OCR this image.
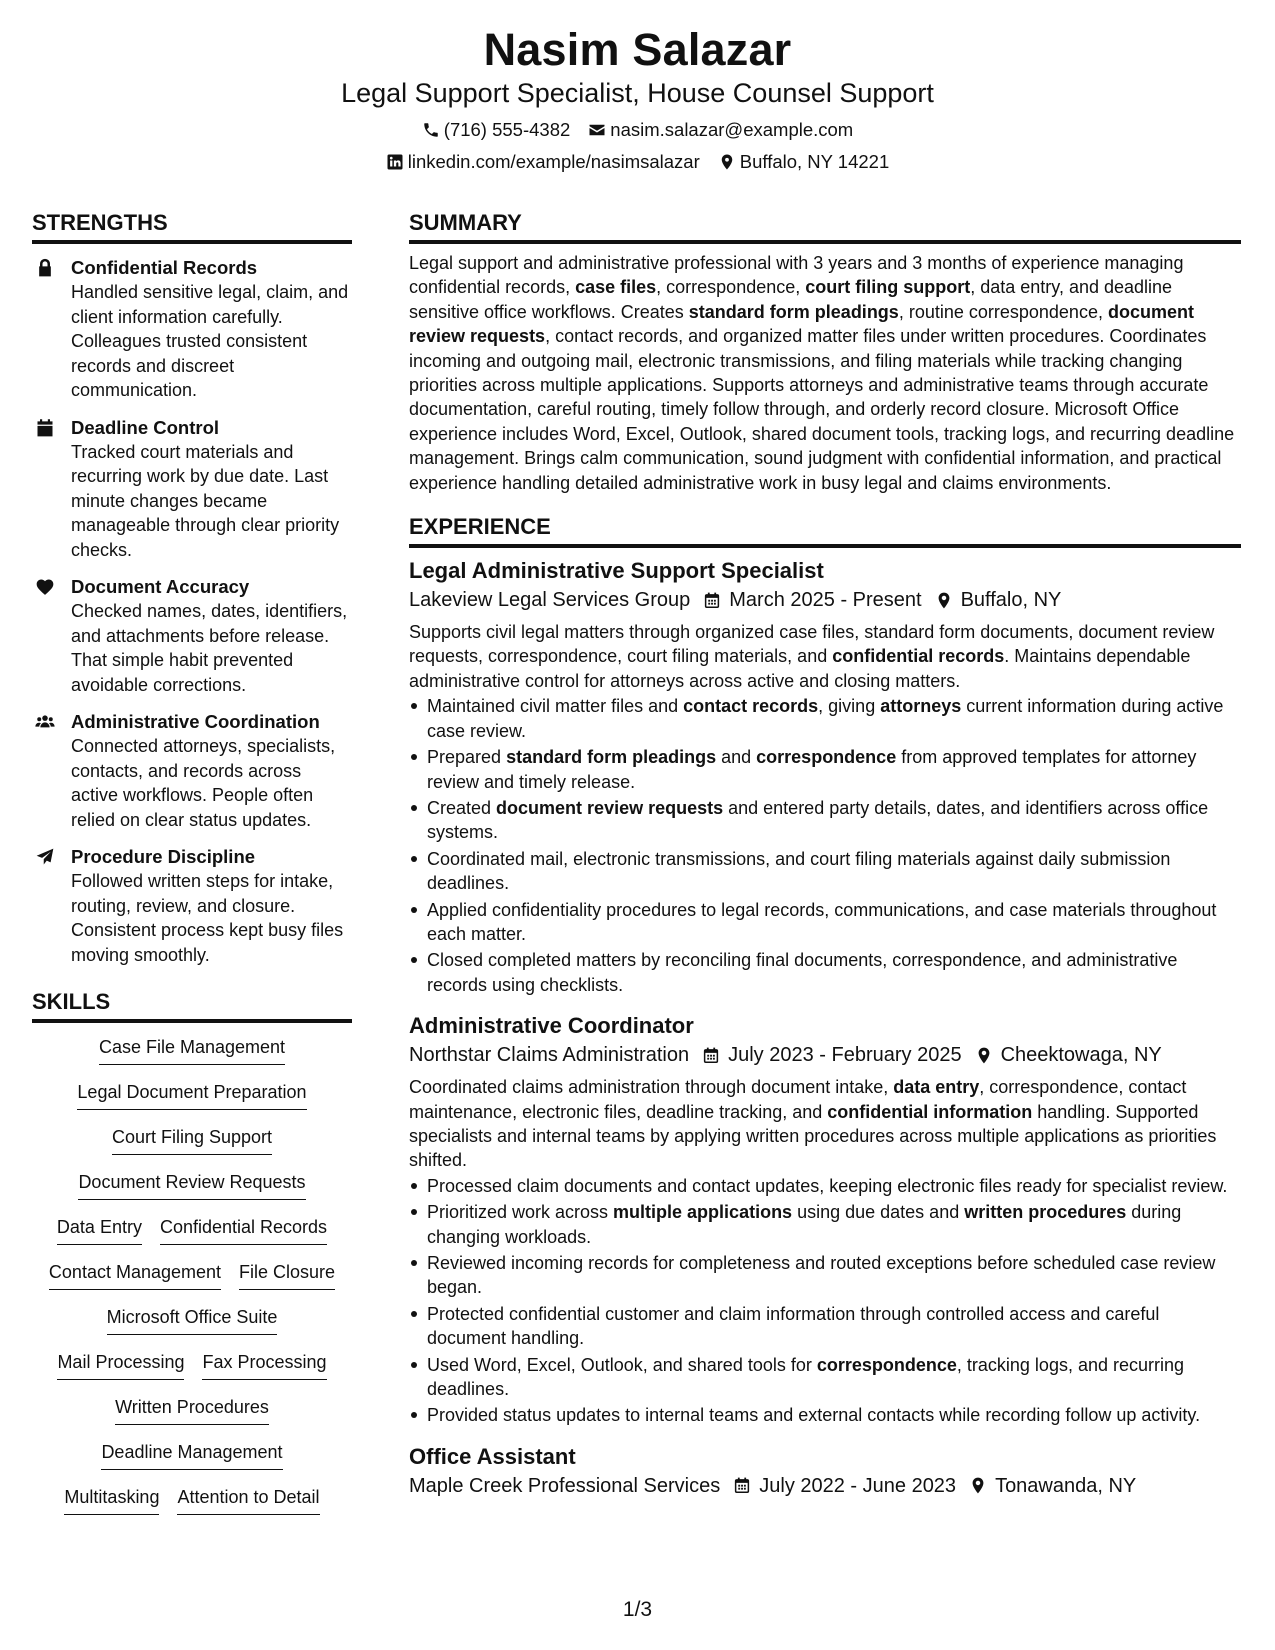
Nasim Salazar
Legal Support Specialist, House Counsel Support
(716) 555-4382 nasim.salazar@example.com
linkedin.com/example/nasimsalazar Buffalo, NY 14221
STRENGTHS
Confidential Records
Handled sensitive legal, claim, and client information carefully. Colleagues trusted consistent records and discreet communication.
Deadline Control
Tracked court materials and recurring work by due date. Last minute changes became manageable through clear priority checks.
Document Accuracy
Checked names, dates, identifiers, and attachments before release. That simple habit prevented avoidable corrections.
Administrative Coordination
Connected attorneys, specialists, contacts, and records across active workflows. People often relied on clear status updates.
Procedure Discipline
Followed written steps for intake, routing, review, and closure. Consistent process kept busy files moving smoothly.
SKILLS
Case File Management
Legal Document Preparation
Court Filing Support
Document Review Requests
Data Entry Confidential Records
Contact Management File Closure
Microsoft Office Suite
Mail Processing Fax Processing
Written Procedures
Deadline Management
Multitasking Attention to Detail
SUMMARY

Legal support and administrative professional with 3 years and 3 months of experience managing confidential records, case files, correspondence, court filing support, data entry, and deadline sensitive office workflows. Creates standard form pleadings, routine correspondence, document review requests, contact records, and organized matter files under written procedures. Coordinates incoming and outgoing mail, electronic transmissions, and filing materials while tracking changing priorities across multiple applications. Supports attorneys and administrative teams through accurate documentation, careful routing, timely follow through, and orderly record closure. Microsoft Office experience includes Word, Excel, Outlook, shared document tools, tracking logs, and recurring deadline management. Brings calm communication, sound judgment with confidential information, and practical experience handling detailed administrative work in busy legal and claims environments.

EXPERIENCE
Legal Administrative Support Specialist
Lakeview Legal Services Group March 2025 - Present Buffalo, NY

Supports civil legal matters through organized case files, standard form documents, document review requests, correspondence, court filing materials, and confidential records. Maintains dependable administrative control for attorneys across active and closing matters.

Maintained civil matter files and contact records, giving attorneys current information during active case review.
Prepared standard form pleadings and correspondence from approved templates for attorney review and timely release.
Created document review requests and entered party details, dates, and identifiers across office systems.
Coordinated mail, electronic transmissions, and court filing materials against daily submission deadlines.
Applied confidentiality procedures to legal records, communications, and case materials throughout each matter.
Closed completed matters by reconciling final documents, correspondence, and administrative records using checklists.
Administrative Coordinator
Northstar Claims Administration July 2023 - February 2025 Cheektowaga, NY

Coordinated claims administration through document intake, data entry, correspondence, contact maintenance, electronic files, deadline tracking, and confidential information handling. Supported specialists and internal teams by applying written procedures across multiple applications as priorities shifted.

Processed claim documents and contact updates, keeping electronic files ready for specialist review.
Prioritized work across multiple applications using due dates and written procedures during changing workloads.
Reviewed incoming records for completeness and routed exceptions before scheduled case review began.
Protected confidential customer and claim information through controlled access and careful document handling.
Used Word, Excel, Outlook, and shared tools for correspondence, tracking logs, and recurring deadlines.
Provided status updates to internal teams and external contacts while recording follow up activity.
Office Assistant
Maple Creek Professional Services July 2022 - June 2023 Tonawanda, NY
1/3
